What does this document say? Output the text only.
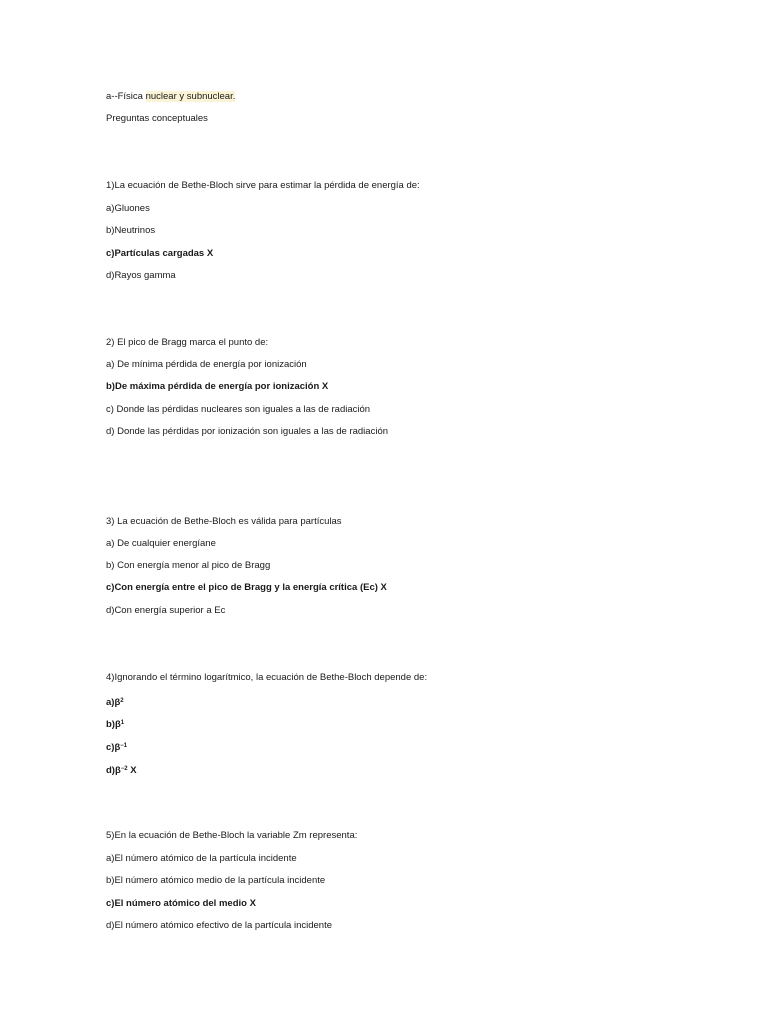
a--Física nuclear y subnuclear.
Preguntas conceptuales
1)La ecuación de Bethe-Bloch sirve para estimar la pérdida de energía de:
a)Gluones
b)Neutrinos
c)Partículas cargadas X
d)Rayos gamma
2) El pico de Bragg marca el punto de:
a) De mínima pérdida de energía por ionización
b)De máxima pérdida de energía por ionización X
c) Donde las pérdidas nucleares son iguales a las de radiación
d) Donde las pérdidas por ionización son iguales a las de radiación
3) La ecuación de Bethe-Bloch es válida para partículas
a) De cualquier energíane
b) Con energía menor al pico de Bragg
c)Con energía entre el pico de Bragg y la energía crítica (Ec) X
d)Con energía superior a Ec
4)Ignorando el término logarítmico, la ecuación de Bethe-Bloch depende de:
$a)\beta^2$
$b)\beta^1$
$c)\beta^{-1}$
$d)\beta^{-2}$ X
5)En la ecuación de Bethe-Bloch la variable Zm representa:
a)El número atómico de la partícula incidente
b)El número atómico medio de la partícula incidente
c)El número atómico del medio X
d)El número atómico efectivo de la partícula incidente
